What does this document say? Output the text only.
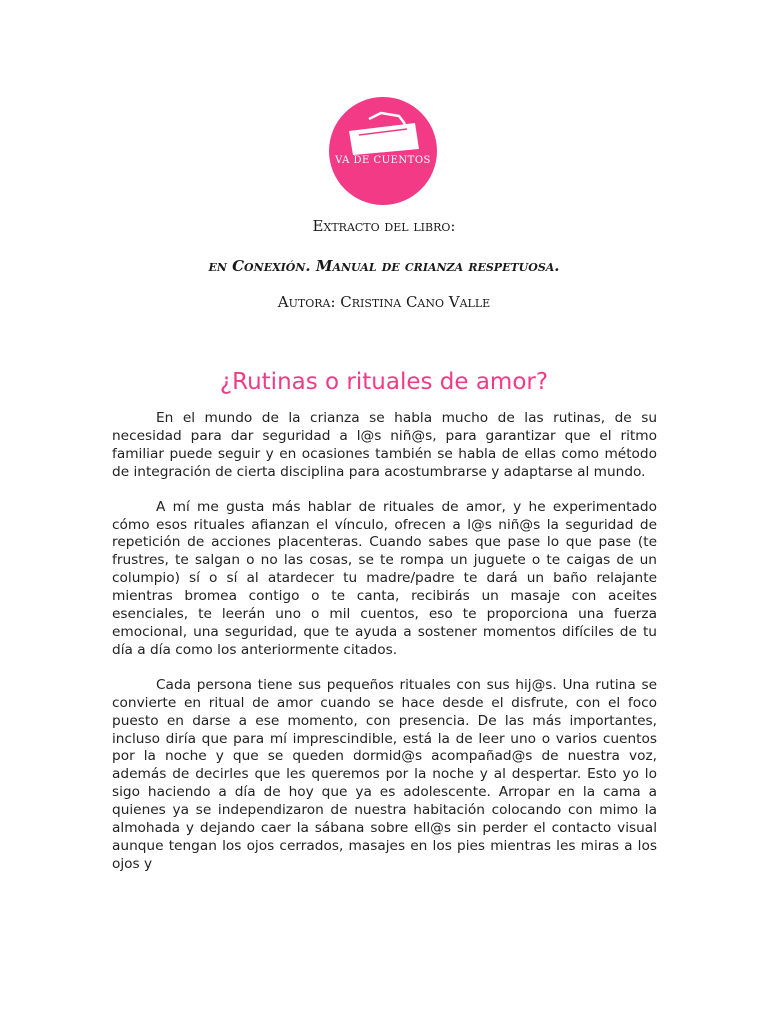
VA DE CUENTOS
Extracto del libro:
en Conexión. Manual de crianza respetuosa.
Autora: Cristina Cano Valle
¿Rutinas o rituales de amor?

En el mundo de la crianza se habla mucho de las rutinas, de su necesidad para dar seguridad a l@s niñ@s, para garantizar que el ritmo familiar puede seguir y en ocasiones también se habla de ellas como método de integración de cierta disciplina para acostumbrarse y adaptarse al mundo.

A mí me gusta más hablar de rituales de amor, y he experimentado cómo esos rituales afianzan el vínculo, ofrecen a l@s niñ@s la seguridad de repetición de acciones placenteras. Cuando sabes que pase lo que pase (te frustres, te salgan o no las cosas, se te rompa un juguete o te caigas de un columpio) sí o sí al atardecer tu madre/padre te dará un baño relajante mientras bromea contigo o te canta, recibirás un masaje con aceites esenciales, te leerán uno o mil cuentos, eso te proporciona una fuerza emocional, una seguridad, que te ayuda a sostener momentos difíciles de tu día a día como los anteriormente citados.

Cada persona tiene sus pequeños rituales con sus hij@s. Una rutina se convierte en ritual de amor cuando se hace desde el disfrute, con el foco puesto en darse a ese momento, con presencia. De las más importantes, incluso diría que para mí imprescindible, está la de leer uno o varios cuentos por la noche y que se queden dormid@s acompañad@s de nuestra voz, además de decirles que les queremos por la noche y al despertar. Esto yo lo sigo haciendo a día de hoy que ya es adolescente. Arropar en la cama a quienes ya se independizaron de nuestra habitación colocando con mimo la almohada y dejando caer la sábana sobre ell@s sin perder el contacto visual aunque tengan los ojos cerrados, masajes en los pies mientras les miras a los ojos y
